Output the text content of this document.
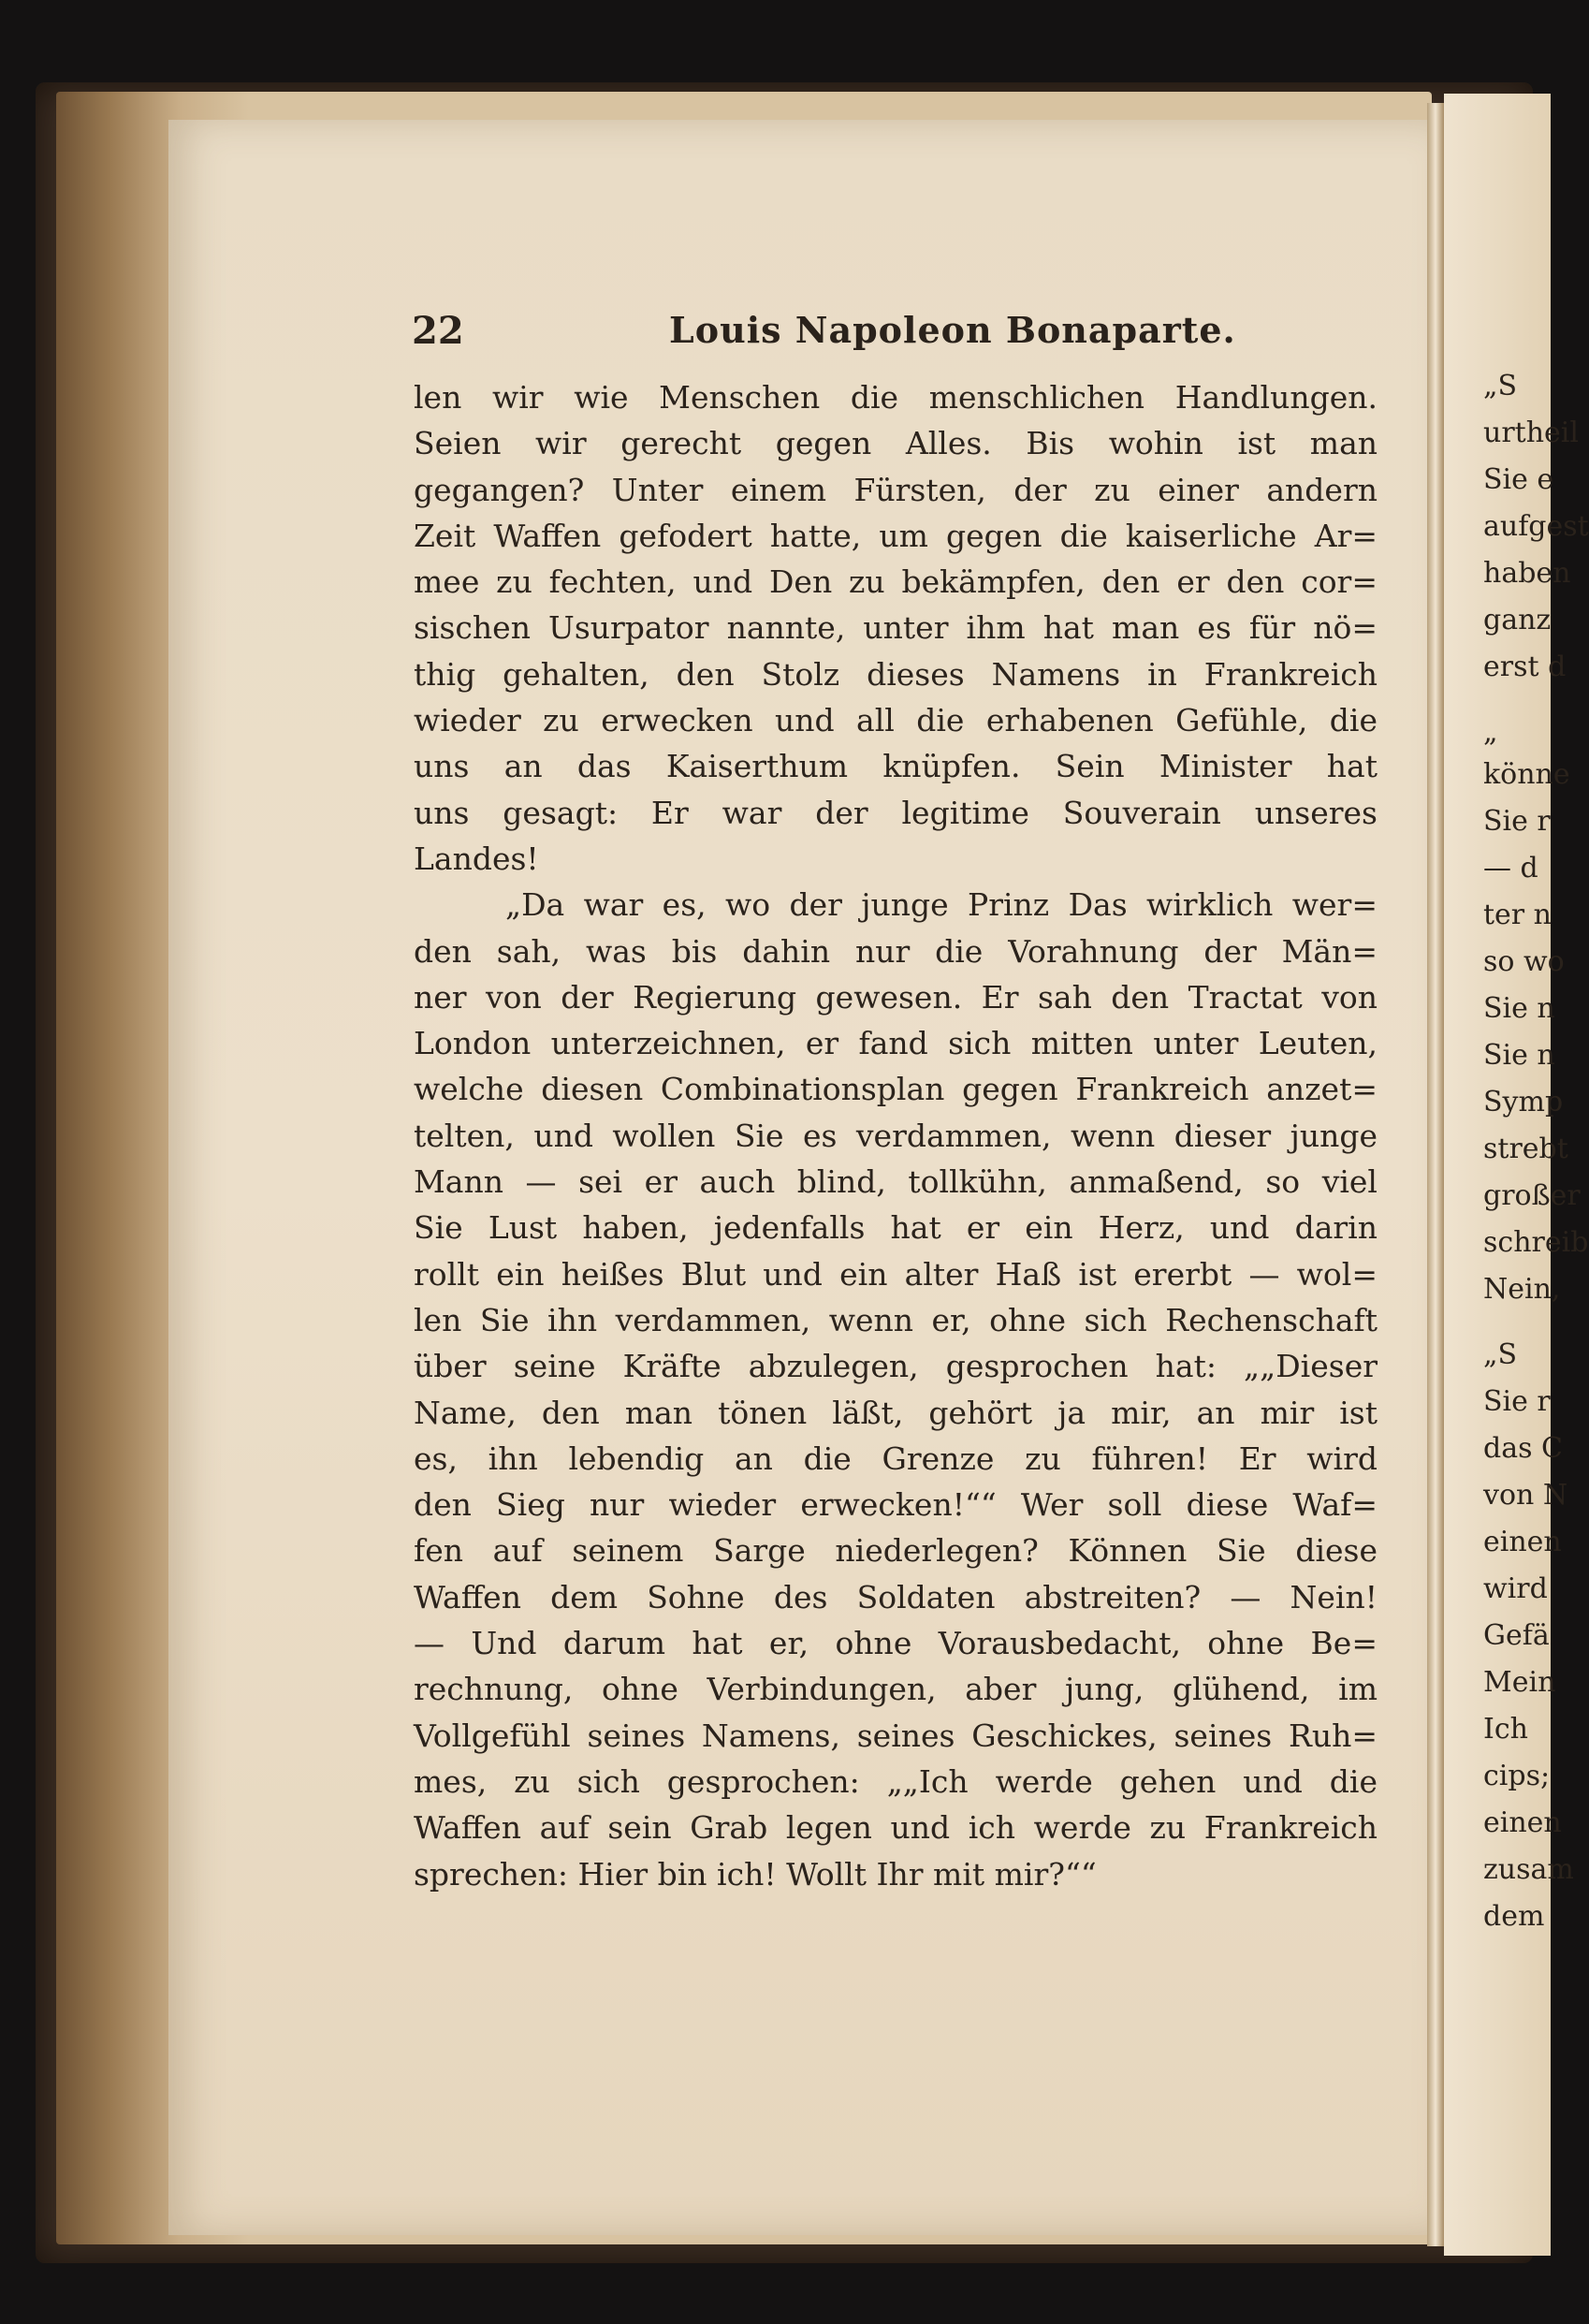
„S
urtheil
Sie e
aufgest
haben
ganz
erst d
„
könne
Sie r
— d
ter n
so wo
Sie n
Sie n
Symp
strebt
großer
schreib
Nein,
„S
Sie r
das C
von N
einen
wird
Gefä
Mein
Ich
cips;
einen
zusam
dem
22	Louis Napoleon Bonaparte.
len wir wie Menschen die menschlichen Handlungen.
Seien wir gerecht gegen Alles. Bis wohin ist man
gegangen? Unter einem Fürsten, der zu einer andern
Zeit Waffen gefodert hatte, um gegen die kaiserliche Ar=
mee zu fechten, und Den zu bekämpfen, den er den cor=
sischen Usurpator nannte, unter ihm hat man es für nö=
thig gehalten, den Stolz dieses Namens in Frankreich
wieder zu erwecken und all die erhabenen Gefühle, die
uns an das Kaiserthum knüpfen. Sein Minister hat
uns gesagt: Er war der legitime Souverain unseres
Landes!
„Da war es, wo der junge Prinz Das wirklich wer=
den sah, was bis dahin nur die Vorahnung der Män=
ner von der Regierung gewesen. Er sah den Tractat von
London unterzeichnen, er fand sich mitten unter Leuten,
welche diesen Combinationsplan gegen Frankreich anzet=
telten, und wollen Sie es verdammen, wenn dieser junge
Mann — sei er auch blind, tollkühn, anmaßend, so viel
Sie Lust haben, jedenfalls hat er ein Herz, und darin
rollt ein heißes Blut und ein alter Haß ist ererbt — wol=
len Sie ihn verdammen, wenn er, ohne sich Rechenschaft
über seine Kräfte abzulegen, gesprochen hat: „„Dieser
Name, den man tönen läßt, gehört ja mir, an mir ist
es, ihn lebendig an die Grenze zu führen! Er wird
den Sieg nur wieder erwecken!““ Wer soll diese Waf=
fen auf seinem Sarge niederlegen? Können Sie diese
Waffen dem Sohne des Soldaten abstreiten? — Nein!
— Und darum hat er, ohne Vorausbedacht, ohne Be=
rechnung, ohne Verbindungen, aber jung, glühend, im
Vollgefühl seines Namens, seines Geschickes, seines Ruh=
mes, zu sich gesprochen: „„Ich werde gehen und die
Waffen auf sein Grab legen und ich werde zu Frankreich
sprechen: Hier bin ich! Wollt Ihr mit mir?““
